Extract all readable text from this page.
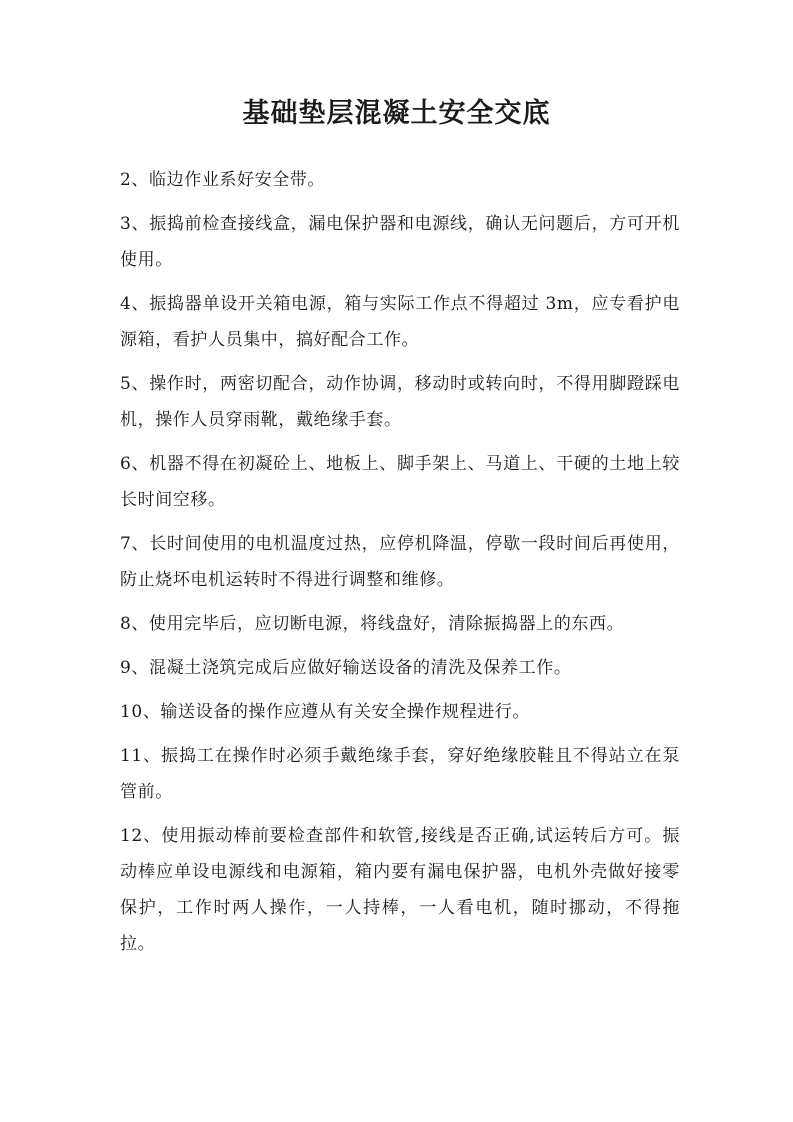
基础垫层混凝土安全交底

2、临边作业系好安全带。

3、振捣前检查接线盒，漏电保护器和电源线，确认无问题后，方可开机使用。

4、振捣器单设开关箱电源，箱与实际工作点不得超过 3m，应专看护电源箱，看护人员集中，搞好配合工作。

5、操作时，两密切配合，动作协调，移动时或转向时，不得用脚蹬踩电机，操作人员穿雨靴，戴绝缘手套。

6、机器不得在初凝砼上、地板上、脚手架上、马道上、干硬的土地上较长时间空移。

7、长时间使用的电机温度过热，应停机降温，停歇一段时间后再使用，防止烧坏电机运转时不得进行调整和维修。

8、使用完毕后，应切断电源，将线盘好，清除振捣器上的东西。

9、混凝土浇筑完成后应做好输送设备的清洗及保养工作。

10、输送设备的操作应遵从有关安全操作规程进行。

11、振捣工在操作时必须手戴绝缘手套，穿好绝缘胶鞋且不得站立在泵管前。

12、使用振动棒前要检查部件和软管,接线是否正确,试运转后方可。振动棒应单设电源线和电源箱，箱内要有漏电保护器，电机外壳做好接零保护，工作时两人操作，一人持棒，一人看电机，随时挪动，不得拖拉。
